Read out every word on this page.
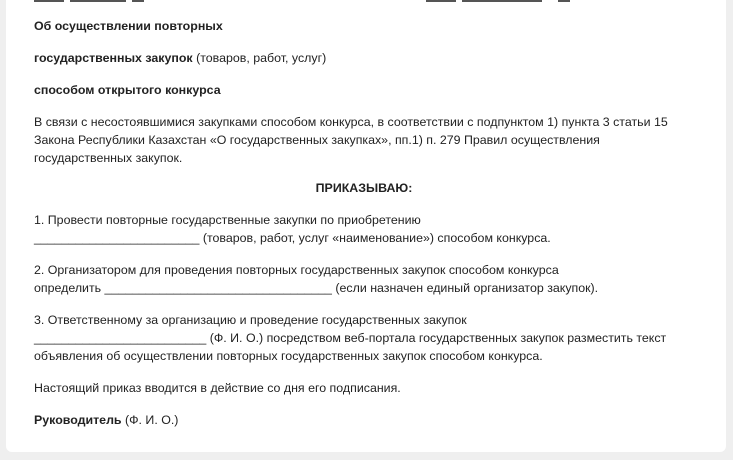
Об осуществлении повторных

государственных закупок (товаров, работ, услуг)

способом открытого конкурса

В связи с несостоявшимися закупками способом конкурса, в соответствии с подпунктом 1) пункта 3 статьи 15

Закона Республики Казахстан «О государственных закупках», пп.1) п. 279 Правил осуществления

государственных закупок.

ПРИКАЗЫВАЮ:

1. Провести повторные государственные закупки по приобретению

________________________ (товаров, работ, услуг «наименование») способом конкурса.

2. Организатором для проведения повторных государственных закупок способом конкурса

определить _________________________________ (если назначен единый организатор закупок).

3. Ответственному за организацию и проведение государственных закупок

_________________________ (Ф. И. О.) посредством веб-портала государственных закупок разместить текст

объявления об осуществлении повторных государственных закупок способом конкурса.

Настоящий приказ вводится в действие со дня его подписания.

Руководитель (Ф. И. О.)
